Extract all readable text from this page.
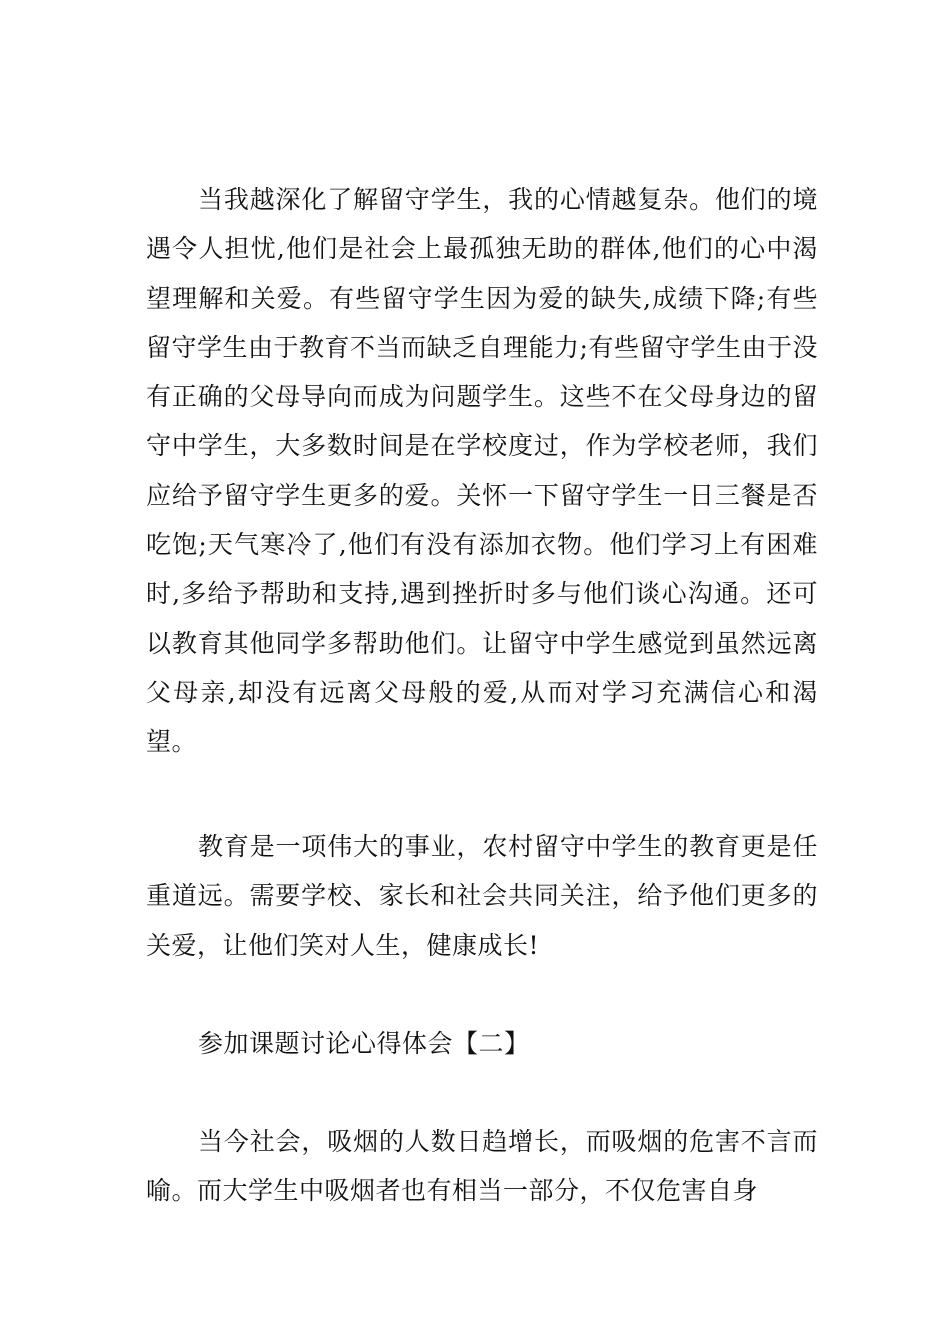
当我越深化了解留守学生，我的心情越复杂。他们的境遇令人担忧,他们是社会上最孤独无助的群体,他们的心中渴望理解和关爱。有些留守学生因为爱的缺失,成绩下降;有些留守学生由于教育不当而缺乏自理能力;有些留守学生由于没有正确的父母导向而成为问题学生。这些不在父母身边的留守中学生，大多数时间是在学校度过，作为学校老师，我们应给予留守学生更多的爱。关怀一下留守学生一日三餐是否吃饱;天气寒冷了,他们有没有添加衣物。他们学习上有困难时,多给予帮助和支持,遇到挫折时多与他们谈心沟通。还可以教育其他同学多帮助他们。让留守中学生感觉到虽然远离父母亲,却没有远离父母般的爱,从而对学习充满信心和渴望。

教育是一项伟大的事业，农村留守中学生的教育更是任重道远。需要学校、家长和社会共同关注，给予他们更多的关爱，让他们笑对人生，健康成长!

参加课题讨论心得体会【二】

当今社会，吸烟的人数日趋增长，而吸烟的危害不言而喻。而大学生中吸烟者也有相当一部分，不仅危害自身
